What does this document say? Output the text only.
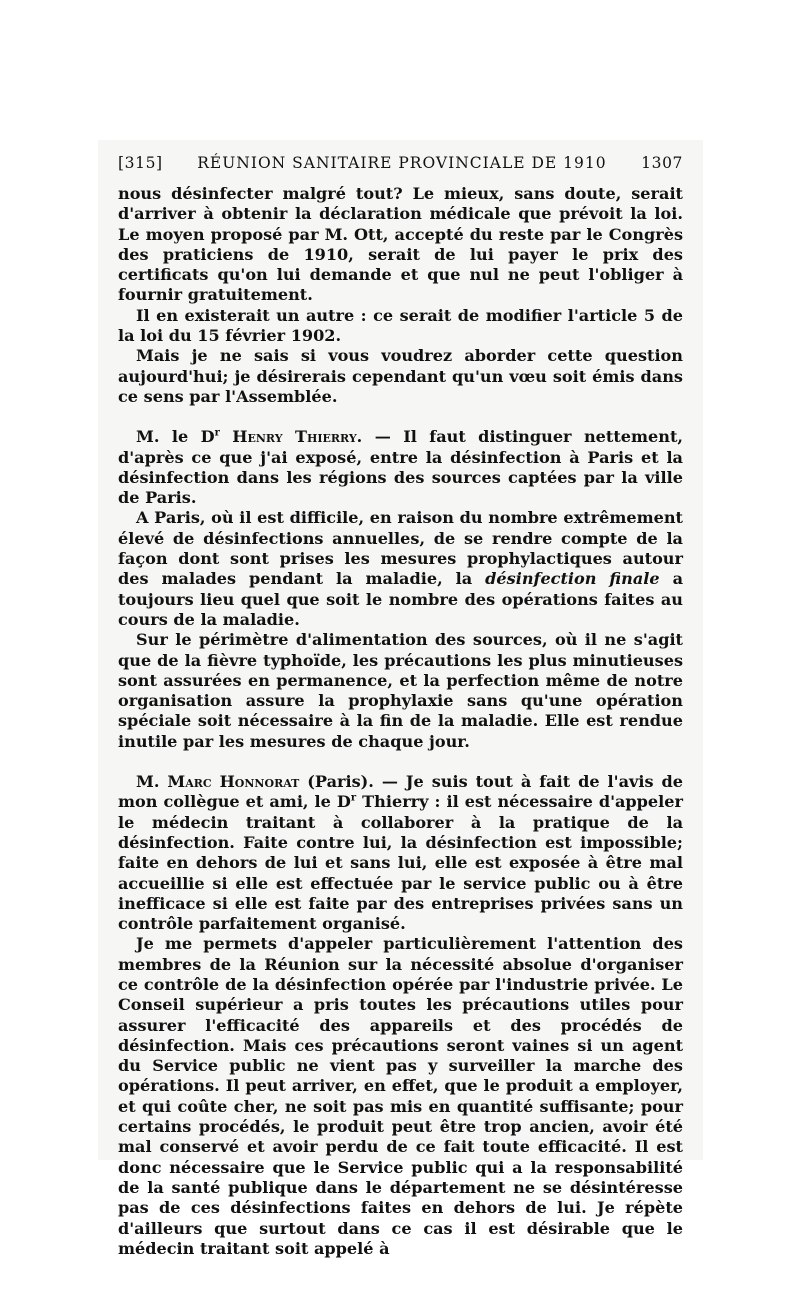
[315] RÉUNION SANITAIRE PROVINCIALE DE 1910 1307

nous désinfecter malgré tout? Le mieux, sans doute, serait d'arriver à obtenir la déclaration médicale que prévoit la loi. Le moyen proposé par M. Ott, accepté du reste par le Congrès des praticiens de 1910, serait de lui payer le prix des certificats qu'on lui demande et que nul ne peut l'obliger à fournir gratuitement.

Il en existerait un autre : ce serait de modifier l'article 5 de la loi du 15 février 1902.

Mais je ne sais si vous voudrez aborder cette question aujourd'hui; je désirerais cependant qu'un vœu soit émis dans ce sens par l'Assemblée.

M. le $D^r$ Henry Thierry. — Il faut distinguer nettement, d'après ce que j'ai exposé, entre la désinfection à Paris et la désinfection dans les régions des sources captées par la ville de Paris.

A Paris, où il est difficile, en raison du nombre extrêmement élevé de désinfections annuelles, de se rendre compte de la façon dont sont prises les mesures prophylactiques autour des malades pendant la maladie, la désinfection finale a toujours lieu quel que soit le nombre des opérations faites au cours de la maladie.

Sur le périmètre d'alimentation des sources, où il ne s'agit que de la fièvre typhoïde, les précautions les plus minutieuses sont assurées en permanence, et la perfection même de notre organisation assure la prophylaxie sans qu'une opération spéciale soit nécessaire à la fin de la maladie. Elle est rendue inutile par les mesures de chaque jour.

M. Marc Honnorat (Paris). — Je suis tout à fait de l'avis de mon collègue et ami, le $D^r$ Thierry : il est nécessaire d'appeler le médecin traitant à collaborer à la pratique de la désinfection. Faite contre lui, la désinfection est impossible; faite en dehors de lui et sans lui, elle est exposée à être mal accueillie si elle est effectuée par le service public ou à être inefficace si elle est faite par des entreprises privées sans un contrôle parfaitement organisé.

Je me permets d'appeler particulièrement l'attention des membres de la Réunion sur la nécessité absolue d'organiser ce contrôle de la désinfection opérée par l'industrie privée. Le Conseil supérieur a pris toutes les précautions utiles pour assurer l'efficacité des appareils et des procédés de désinfection. Mais ces précautions seront vaines si un agent du Service public ne vient pas y surveiller la marche des opérations. Il peut arriver, en effet, que le produit a employer, et qui coûte cher, ne soit pas mis en quantité suffisante; pour certains procédés, le produit peut être trop ancien, avoir été mal conservé et avoir perdu de ce fait toute efficacité. Il est donc nécessaire que le Service public qui a la responsabilité de la santé publique dans le département ne se désintéresse pas de ces désinfections faites en dehors de lui. Je répète d'ailleurs que surtout dans ce cas il est désirable que le médecin traitant soit appelé à
